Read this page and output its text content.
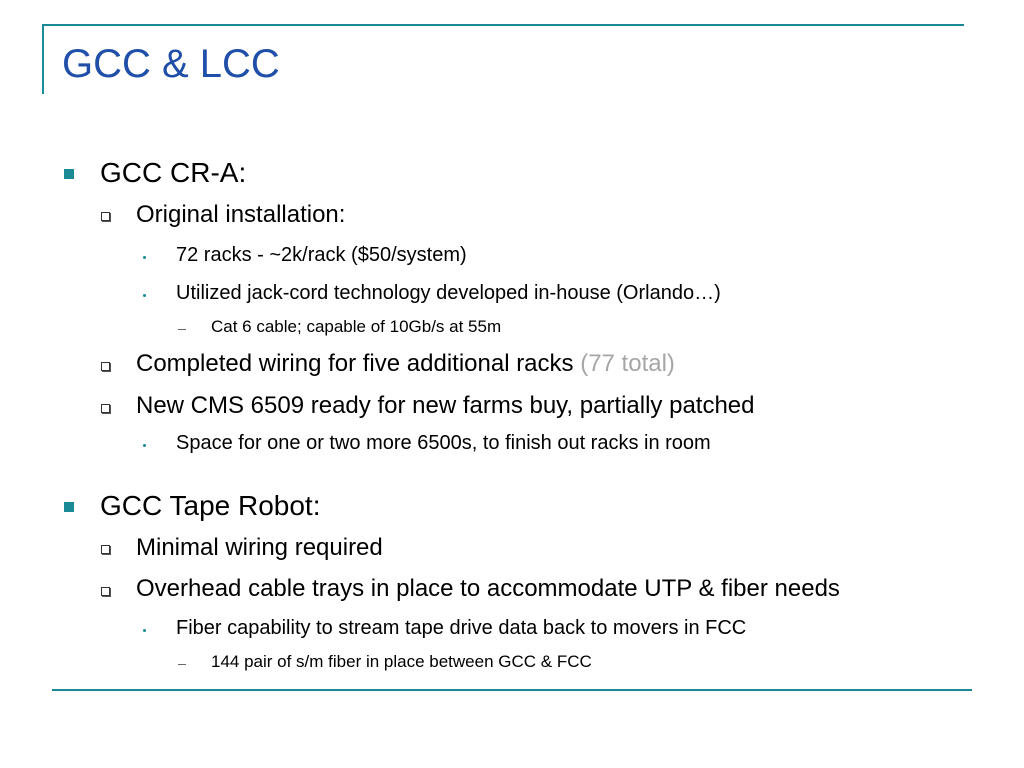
GCC & LCC
GCC CR-A:
Original installation:
72 racks - ~2k/rack ($50/system)
Utilized jack-cord technology developed in-house (Orlando…)
Cat 6 cable; capable of 10Gb/s at 55m
Completed wiring for five additional racks (77 total)
New CMS 6509 ready for new farms buy, partially patched
Space for one or two more 6500s, to finish out racks in room
GCC Tape Robot:
Minimal wiring required
Overhead cable trays in place to accommodate UTP & fiber needs
Fiber capability to stream tape drive data back to movers in FCC
144 pair of s/m fiber in place between GCC & FCC
